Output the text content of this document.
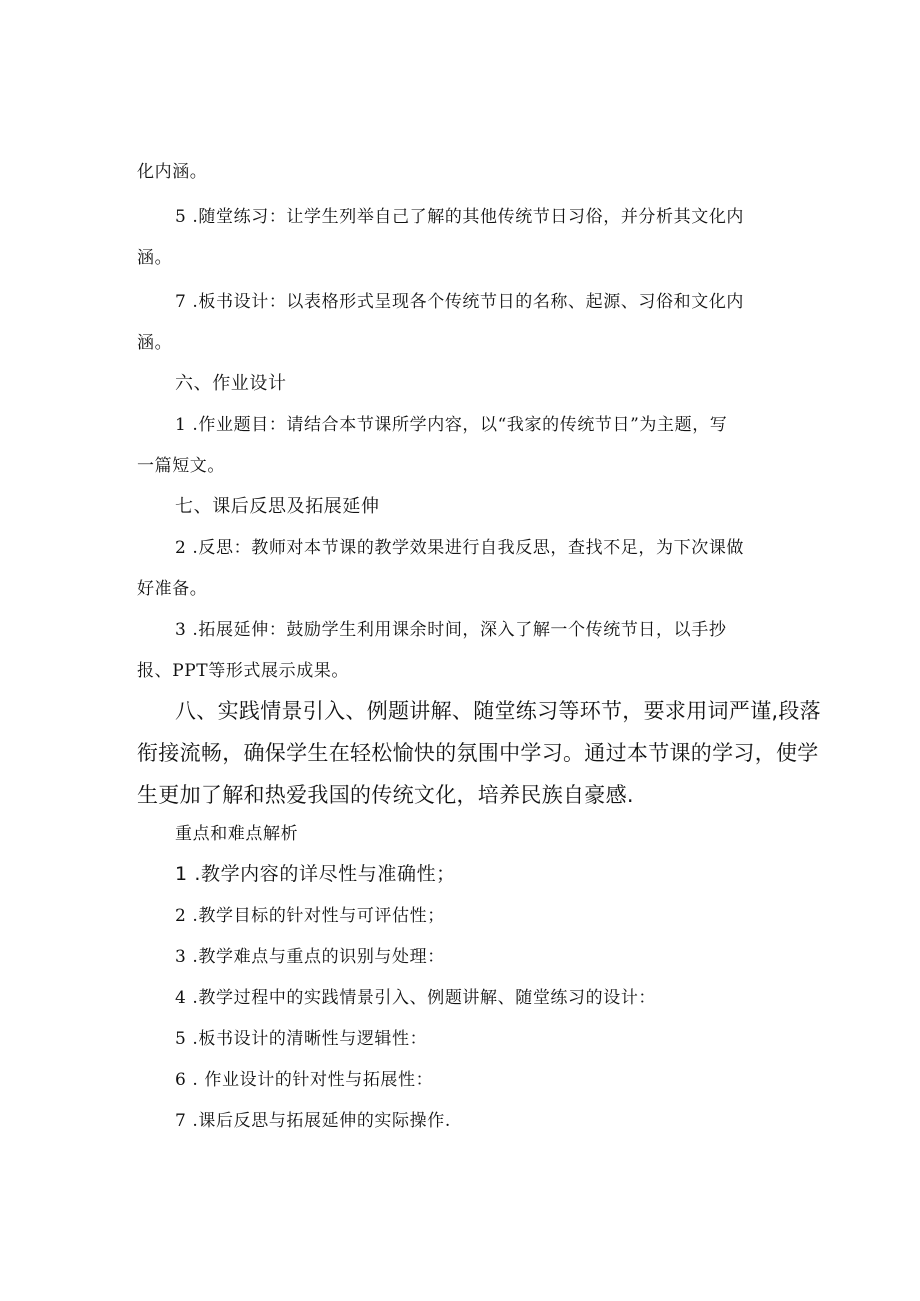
化内涵。
5 .随堂练习：让学生列举自己了解的其他传统节日习俗，并分析其文化内
涵。
7 .板书设计：以表格形式呈现各个传统节日的名称、起源、习俗和文化内
涵。
六、作业设计
1 .作业题目：请结合本节课所学内容，以“我家的传统节日”为主题，写
一篇短文。
七、课后反思及拓展延伸
2 .反思：教师对本节课的教学效果进行自我反思，查找不足，为下次课做
好准备。
3 .拓展延伸：鼓励学生利用课余时间，深入了解一个传统节日，以手抄
报、PPT等形式展示成果。
八、实践情景引入、例题讲解、随堂练习等环节，要求用词严谨,段落
衔接流畅，确保学生在轻松愉快的氛围中学习。通过本节课的学习，使学
生更加了解和热爱我国的传统文化，培养民族自豪感.
重点和难点解析
1 .教学内容的详尽性与准确性；
2 .教学目标的针对性与可评估性；
3 .教学难点与重点的识别与处理：
4 .教学过程中的实践情景引入、例题讲解、随堂练习的设计：
5 .板书设计的清晰性与逻辑性：
6 . 作业设计的针对性与拓展性：
7 .课后反思与拓展延伸的实际操作.
